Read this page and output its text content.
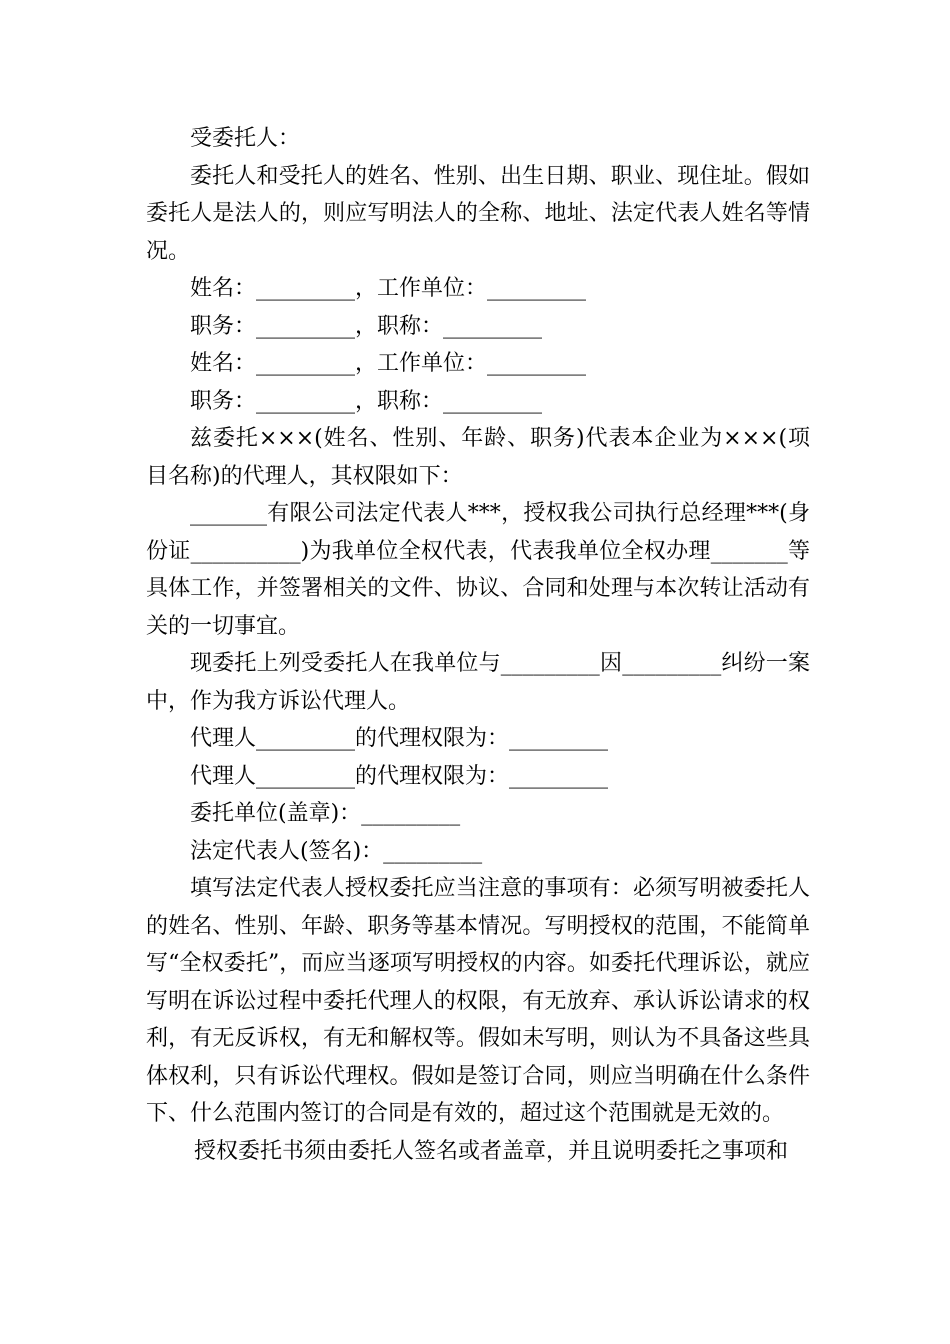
受委托人：

委托人和受托人的姓名、性别、出生日期、职业、现住址。假如委托人是法人的，则应写明法人的全称、地址、法定代表人姓名等情况。

姓名：_________，工作单位：_________

职务：_________，职称：_________

姓名：_________，工作单位：_________

职务：_________，职称：_________

兹委托×××(姓名、性别、年龄、职务)代表本企业为×××(项目名称)的代理人，其权限如下：

_______有限公司法定代表人***，授权我公司执行总经理***(身份证__________)为我单位全权代表，代表我单位全权办理_______等具体工作，并签署相关的文件、协议、合同和处理与本次转让活动有关的一切事宜。

现委托上列受委托人在我单位与_________因_________纠纷一案中，作为我方诉讼代理人。

代理人_________的代理权限为：_________

代理人_________的代理权限为：_________

委托单位(盖章)：_________

法定代表人(签名)：_________

填写法定代表人授权委托应当注意的事项有：必须写明被委托人的姓名、性别、年龄、职务等基本情况。写明授权的范围，不能简单写“全权委托”，而应当逐项写明授权的内容。如委托代理诉讼，就应写明在诉讼过程中委托代理人的权限，有无放弃、承认诉讼请求的权利，有无反诉权，有无和解权等。假如未写明，则认为不具备这些具体权利，只有诉讼代理权。假如是签订合同，则应当明确在什么条件下、什么范围内签订的合同是有效的，超过这个范围就是无效的。

授权委托书须由委托人签名或者盖章，并且说明委托之事项和
